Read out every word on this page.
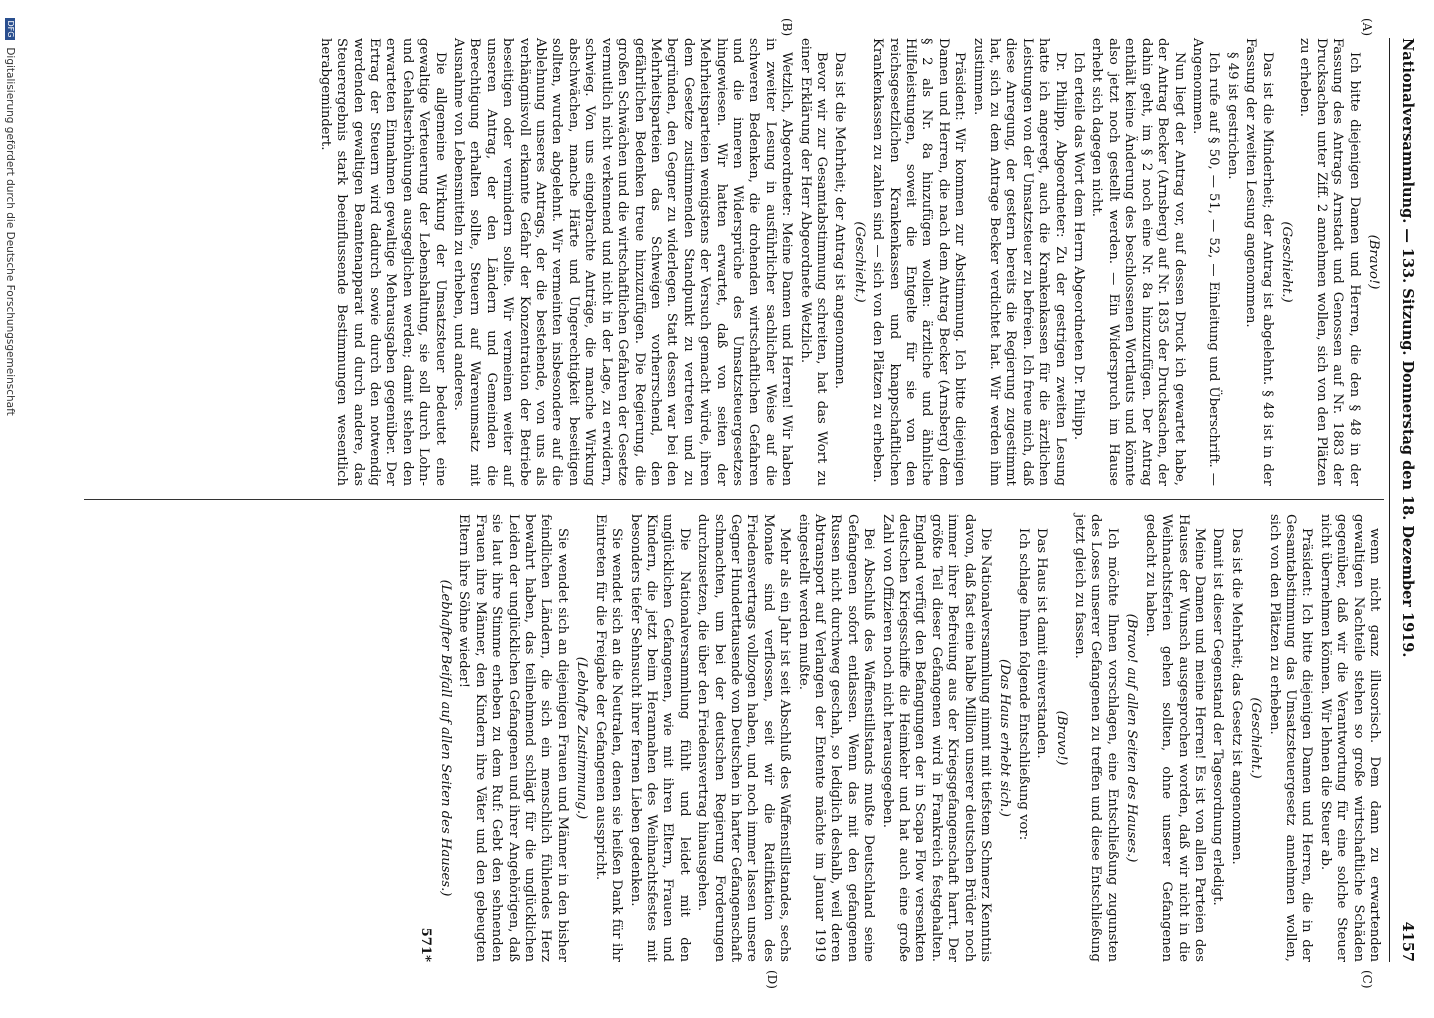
Nationalversammlung. — 133. Sitzung. Donnerstag den 18. Dezember 1919.
4157
(A)
(B)
(C)
(D)

(Bravo!)

Ich bitte diejenigen Damen und Herren, die den § 48 in der Fassung des Antrags Arnstadt und Genossen auf Nr. 1883 der Drucksachen unter Ziff. 2 annehmen wollen, sich von den Plätzen zu erheben.

(Geschieht.)

Das ist die Minderheit; der Antrag ist abgelehnt. § 48 ist in der Fassung der zweiten Lesung angenommen.

§ 49 ist gestrichen.

Ich rufe auf § 50, — 51, — 52, — Einleitung und Überschrift. — Angenommen.

Nun liegt der Antrag vor, auf dessen Druck ich gewartet habe, der Antrag Becker (Arnsberg) auf Nr. 1835 der Drucksachen, der dahin geht, im § 2 noch eine Nr. 8a hinzuzufügen. Der Antrag enthält keine Änderung des beschlossenen Wortlauts und könnte also jetzt noch gestellt werden. — Ein Widerspruch im Hause erhebt sich dagegen nicht.

Ich erteile das Wort dem Herrn Abgeordneten Dr. Philipp.

Dr. Philipp, Abgeordneter: Zu der gestrigen zweiten Lesung hatte ich angeregt, auch die Krankenkassen für die ärztlichen Leistungen von der Umsatzsteuer zu befreien. Ich freue mich, daß diese Anregung, der gestern bereits die Regierung zugestimmt hat, sich zu dem Antrage Becker verdichtet hat. Wir werden ihm zustimmen.

Präsident: Wir kommen zur Abstimmung. Ich bitte diejenigen Damen und Herren, die nach dem Antrag Becker (Arnsberg) dem § 2 als Nr. 8a hinzufügen wollen: ärztliche und ähnliche Hilfeleistungen, soweit die Entgelte für sie von den reichsgesetzlichen Krankenkassen und knappschaftlichen Krankenkassen zu zahlen sind — sich von den Plätzen zu erheben.

(Geschieht.)

Das ist die Mehrheit; der Antrag ist angenommen.

Bevor wir zur Gesamtabstimmung schreiten, hat das Wort zu einer Erklärung der Herr Abgeordnete Wetzlich.

Wetzlich, Abgeordneter: Meine Damen und Herren! Wir haben in zweiter Lesung in ausführlicher sachlicher Weise auf die schweren Bedenken, die drohenden wirtschaftlichen Gefahren und die inneren Widersprüche des Umsatzsteuergesetzes hingewiesen. Wir hatten erwartet, daß von seiten der Mehrheitsparteien wenigstens der Versuch gemacht würde, ihren dem Gesetze zustimmenden Standpunkt zu vertreten und zu begründen, den Gegner zu widerlegen. Statt dessen war bei den Mehrheitsparteien das Schweigen vorherrschend, den gefährlichen Bedenken treue hinzuzufügen. Die Regierung, die großen Schwächen und die wirtschaftlichen Gefahren der Gesetze vermutlich nicht verkennend und nicht in der Lage, zu erwidern, schwieg. Von uns eingebrachte Anträge, die manche Wirkung abschwächen, manche Härte und Ungerechtigkeit beseitigen sollten, wurden abgelehnt. Wir vermeinten insbesondere auf die Ablehnung unseres Antrags, der die bestehende, von uns als verhängnisvoll erkannte Gefahr der Konzentration der Betriebe beseitigen oder vermindern sollte. Wir vermeinen weiter auf unseren Antrag, der den Ländern und Gemeinden die Berechtigung erhalten sollte, Steuern auf Warenumsatz mit Ausnahme von Lebensmitteln zu erheben, und anderes.

Die allgemeine Wirkung der Umsatzsteuer bedeutet eine gewaltige Verteuerung der Lebenshaltung, sie soll durch Lohn- und Gehaltserhöhungen ausgeglichen werden; damit stehen den erwarteten Einnahmen gewaltige Mehrausgaben gegenüber. Der Ertrag der Steuern wird dadurch sowie durch den notwendig werdenden gewaltigen Beamtenapparat und durch andere, das Steuerergebnis stark beeinflussende Bestimmungen wesentlich herabgemindert.

wenn nicht ganz illusorisch. Dem dann zu erwartenden gewaltigen Nachteile stehen so große wirtschaftliche Schäden gegenüber, daß wir die Verantwortung für eine solche Steuer nicht übernehmen können. Wir lehnen die Steuer ab.

Präsident: Ich bitte diejenigen Damen und Herren, die in der Gesamtabstimmung das Umsatzsteuergesetz annehmen wollen, sich von den Plätzen zu erheben.

(Geschieht.)

Das ist die Mehrheit; das Gesetz ist angenommen.

Damit ist dieser Gegenstand der Tagesordnung erledigt.

Meine Damen und meine Herren! Es ist von allen Parteien des Hauses der Wunsch ausgesprochen worden, daß wir nicht in die Weihnachtsferien gehen sollten, ohne unserer Gefangenen gedacht zu haben.

(Bravo! auf allen Seiten des Hauses.)

Ich möchte Ihnen vorschlagen, eine Entschließung zugunsten des Loses unserer Gefangenen zu treffen und diese Entschließung jetzt gleich zu fassen.

(Bravo!)

Das Haus ist damit einverstanden.

Ich schlage Ihnen folgende Entschließung vor:

(Das Haus erhebt sich.)

Die Nationalversammlung nimmt mit tiefstem Schmerz Kenntnis davon, daß fast eine halbe Million unserer deutschen Brüder noch immer ihrer Befreiung aus der Kriegsgefangenschaft harrt. Der größte Teil dieser Gefangenen wird in Frankreich festgehalten. England verfügt den Befangungen der in Scapa Flow versenkten deutschen Kriegsschiffe die Heimkehr und hat auch eine große Zahl von Offizieren noch nicht herausgegeben.

Bei Abschluß des Waffenstillstands mußte Deutschland seine Gefangenen sofort entlassen. Wenn das mit den gefangenen Russen nicht durchweg geschah, so lediglich deshalb, weil deren Abtransport auf Verlangen der Entente mächte im Januar 1919 eingestellt werden mußte.

Mehr als ein Jahr ist seit Abschluß des Waffenstillstandes, sechs Monate sind verflossen, seit wir die Ratifikation des Friedensvertrags vollzogen haben, und noch immer lassen unsere Gegner Hunderttausende von Deutschen in harter Gefangenschaft schmachten, um bei der deutschen Regierung Forderungen durchzusetzen, die über den Friedensvertrag hinausgehen.

Die Nationalversammlung fühlt und leidet mit den unglücklichen Gefangenen, wie mit ihren Eltern, Frauen und Kindern, die jetzt beim Herannahen des Weihnachtsfestes mit besonders tiefer Sehnsucht ihrer fernen Lieben gedenken.

Sie wendet sich an die Neutralen, denen sie heißen Dank für ihr Eintreten für die Freigabe der Gefangenen ausspricht.

(Lebhafte Zustimmung.)

Sie wendet sich an diejenigen Frauen und Männer in den bisher feindlichen Ländern, die sich ein menschlich fühlendes Herz bewahrt haben, das teilnehmend schlägt für die unglücklichen Leiden der unglücklichen Gefangenen und ihrer Angehörigen, daß sie laut ihre Stimme erheben zu dem Ruf: Gebt den sehnenden Frauen ihre Männer, den Kindern ihre Väter und den gebeugten Eltern ihre Söhne wieder!

(Lebhafter Beifall auf allen Seiten des Hauses.)

571*

DFG Digitalisierung gefördert durch die Deutsche Forschungsgemeinschaft
